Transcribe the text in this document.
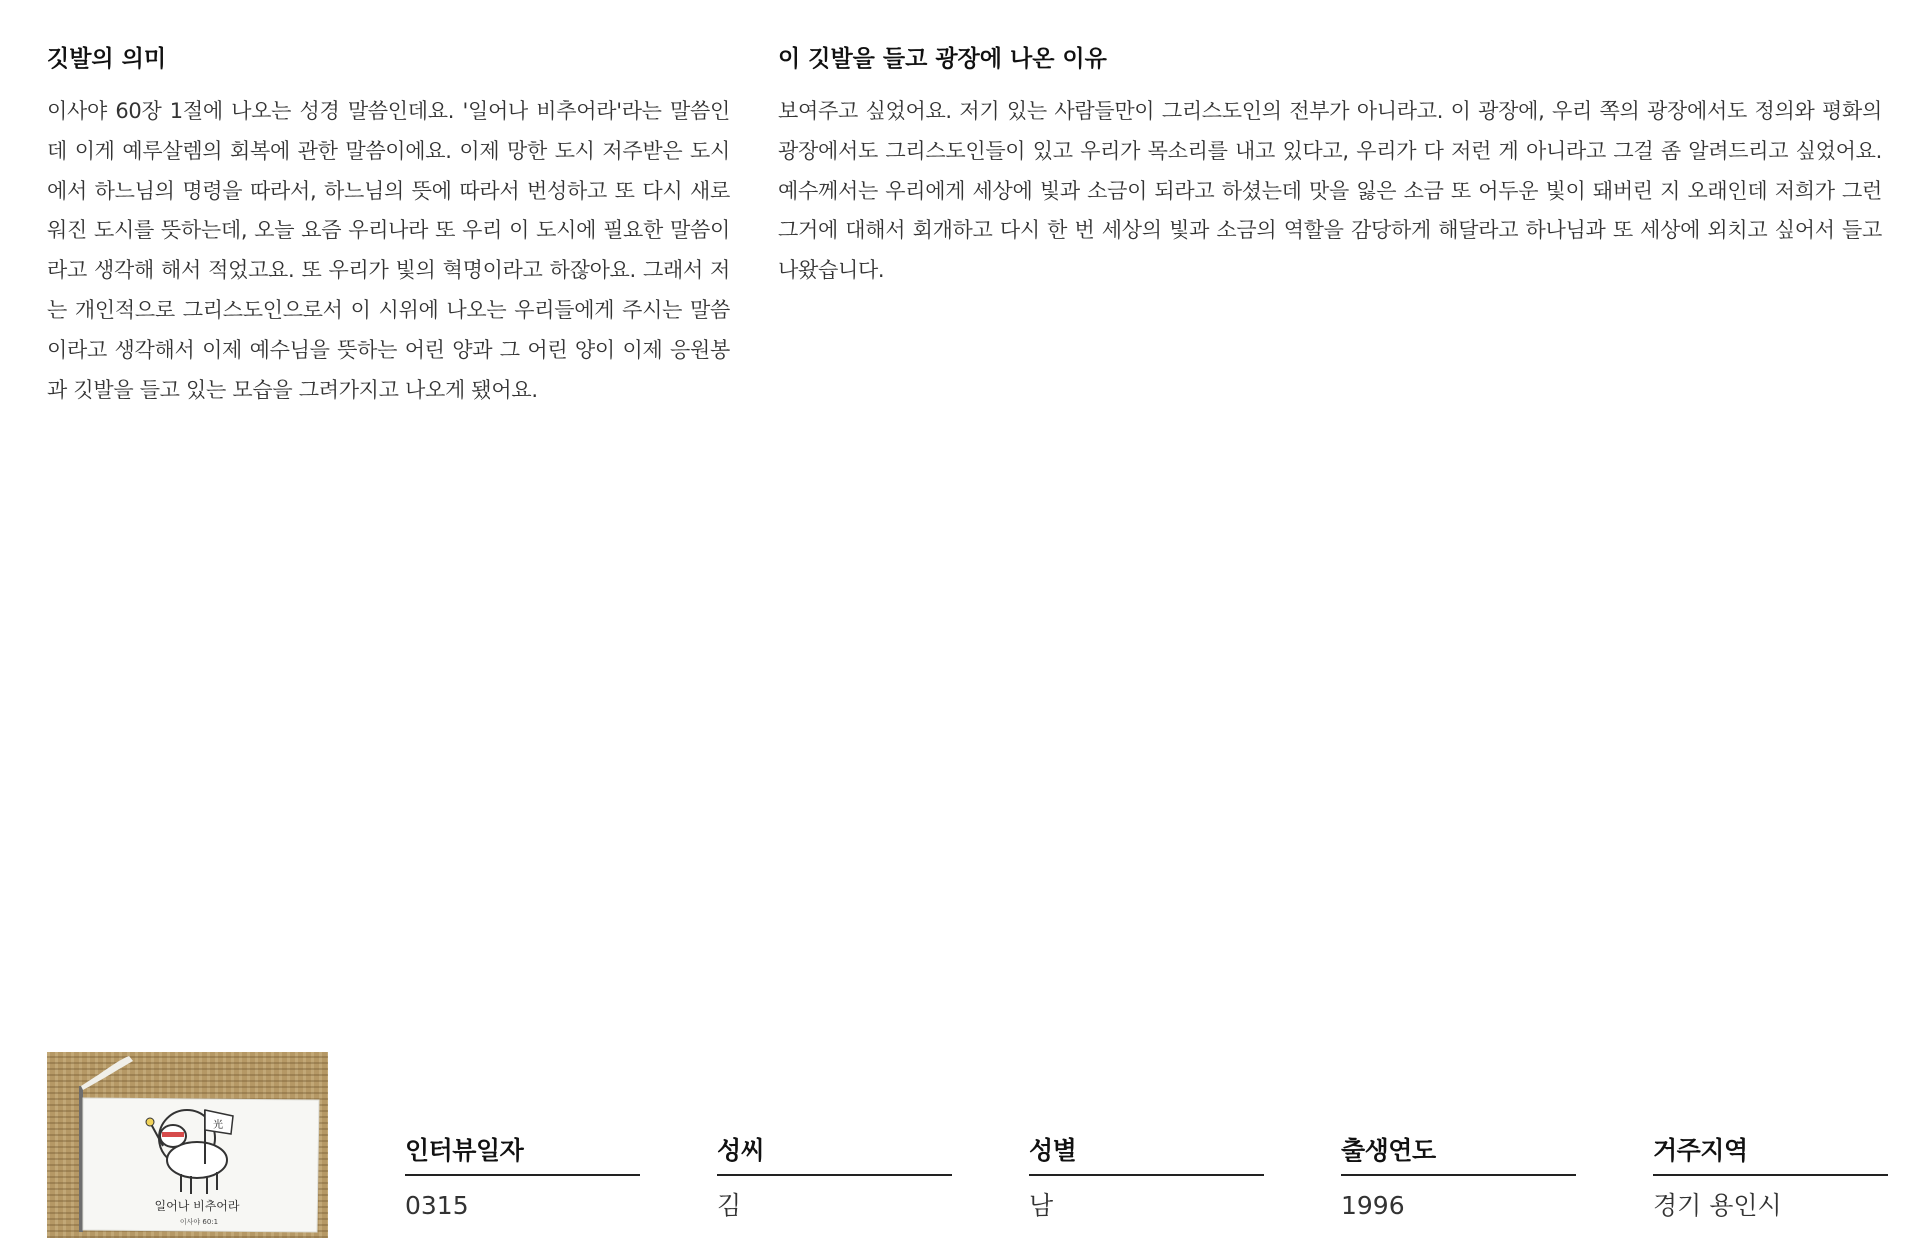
깃발의 의미

이사야 60장 1절에 나오는 성경 말씀인데요. '일어나 비추어라'라는 말씀인데 이게 예루살렘의 회복에 관한 말씀이에요. 이제 망한 도시 저주받은 도시에서 하느님의 명령을 따라서, 하느님의 뜻에 따라서 번성하고 또 다시 새로워진 도시를 뜻하는데, 오늘 요즘 우리나라 또 우리 이 도시에 필요한 말씀이라고 생각해 해서 적었고요. 또 우리가 빛의 혁명이라고 하잖아요. 그래서 저는 개인적으로 그리스도인으로서 이 시위에 나오는 우리들에게 주시는 말씀이라고 생각해서 이제 예수님을 뜻하는 어린 양과 그 어린 양이 이제 응원봉과 깃발을 들고 있는 모습을 그려가지고 나오게 됐어요.

이 깃발을 들고 광장에 나온 이유

보여주고 싶었어요. 저기 있는 사람들만이 그리스도인의 전부가 아니라고. 이 광장에, 우리 쪽의 광장에서도 정의와 평화의 광장에서도 그리스도인들이 있고 우리가 목소리를 내고 있다고, 우리가 다 저런 게 아니라고 그걸 좀 알려드리고 싶었어요. 예수께서는 우리에게 세상에 빛과 소금이 되라고 하셨는데 맛을 잃은 소금 또 어두운 빛이 돼버린 지 오래인데 저희가 그런 그거에 대해서 회개하고 다시 한 번 세상의 빛과 소금의 역할을 감당하게 해달라고 하나님과 또 세상에 외치고 싶어서 들고 나왔습니다.

光
일어나 비추어라
이사야 60:1
인터뷰일자
0315
성씨
김
성별
남
출생연도
1996
거주지역
경기 용인시
